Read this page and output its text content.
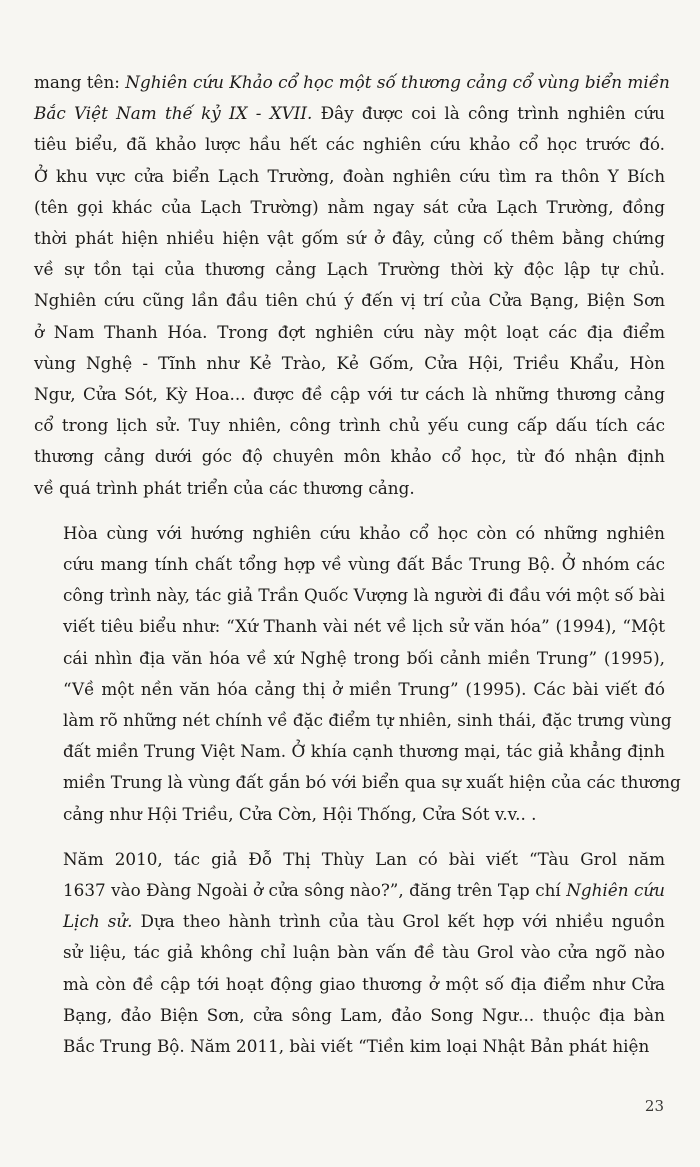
mang tên: Nghiên cứu Khảo cổ học một số thương cảng cổ vùng biển miền
Bắc Việt Nam thế kỷ IX - XVII. Đây được coi là công trình nghiên cứu
tiêu biểu, đã khảo lược hầu hết các nghiên cứu khảo cổ học trước đó.
Ở khu vực cửa biển Lạch Trường, đoàn nghiên cứu tìm ra thôn Y Bích
(tên gọi khác của Lạch Trường) nằm ngay sát cửa Lạch Trường, đồng
thời phát hiện nhiều hiện vật gốm sứ ở đây, củng cố thêm bằng chứng
về sự tồn tại của thương cảng Lạch Trường thời kỳ độc lập tự chủ.
Nghiên cứu cũng lần đầu tiên chú ý đến vị trí của Cửa Bạng, Biện Sơn
ở Nam Thanh Hóa. Trong đợt nghiên cứu này một loạt các địa điểm
vùng Nghệ - Tĩnh như Kẻ Trào, Kẻ Gốm, Cửa Hội, Triều Khẩu, Hòn
Ngư, Cửa Sót, Kỳ Hoa... được đề cập với tư cách là những thương cảng
cổ trong lịch sử. Tuy nhiên, công trình chủ yếu cung cấp dấu tích các
thương cảng dưới góc độ chuyên môn khảo cổ học, từ đó nhận định
về quá trình phát triển của các thương cảng.

Hòa cùng với hướng nghiên cứu khảo cổ học còn có những nghiên
cứu mang tính chất tổng hợp về vùng đất Bắc Trung Bộ. Ở nhóm các
công trình này, tác giả Trần Quốc Vượng là người đi đầu với một số bài
viết tiêu biểu như: “Xứ Thanh vài nét về lịch sử văn hóa” (1994), “Một
cái nhìn địa văn hóa về xứ Nghệ trong bối cảnh miền Trung” (1995),
“Về một nền văn hóa cảng thị ở miền Trung” (1995). Các bài viết đó
làm rõ những nét chính về đặc điểm tự nhiên, sinh thái, đặc trưng vùng
đất miền Trung Việt Nam. Ở khía cạnh thương mại, tác giả khẳng định
miền Trung là vùng đất gắn bó với biển qua sự xuất hiện của các thương
cảng như Hội Triều, Cửa Cờn, Hội Thống, Cửa Sót v.v.. .

Năm 2010, tác giả Đỗ Thị Thùy Lan có bài viết “Tàu Grol năm
1637 vào Đàng Ngoài ở cửa sông nào?”, đăng trên Tạp chí Nghiên cứu
Lịch sử. Dựa theo hành trình của tàu Grol kết hợp với nhiều nguồn
sử liệu, tác giả không chỉ luận bàn vấn đề tàu Grol vào cửa ngõ nào
mà còn đề cập tới hoạt động giao thương ở một số địa điểm như Cửa
Bạng, đảo Biện Sơn, cửa sông Lam, đảo Song Ngư... thuộc địa bàn
Bắc Trung Bộ. Năm 2011, bài viết “Tiền kim loại Nhật Bản phát hiện

23
